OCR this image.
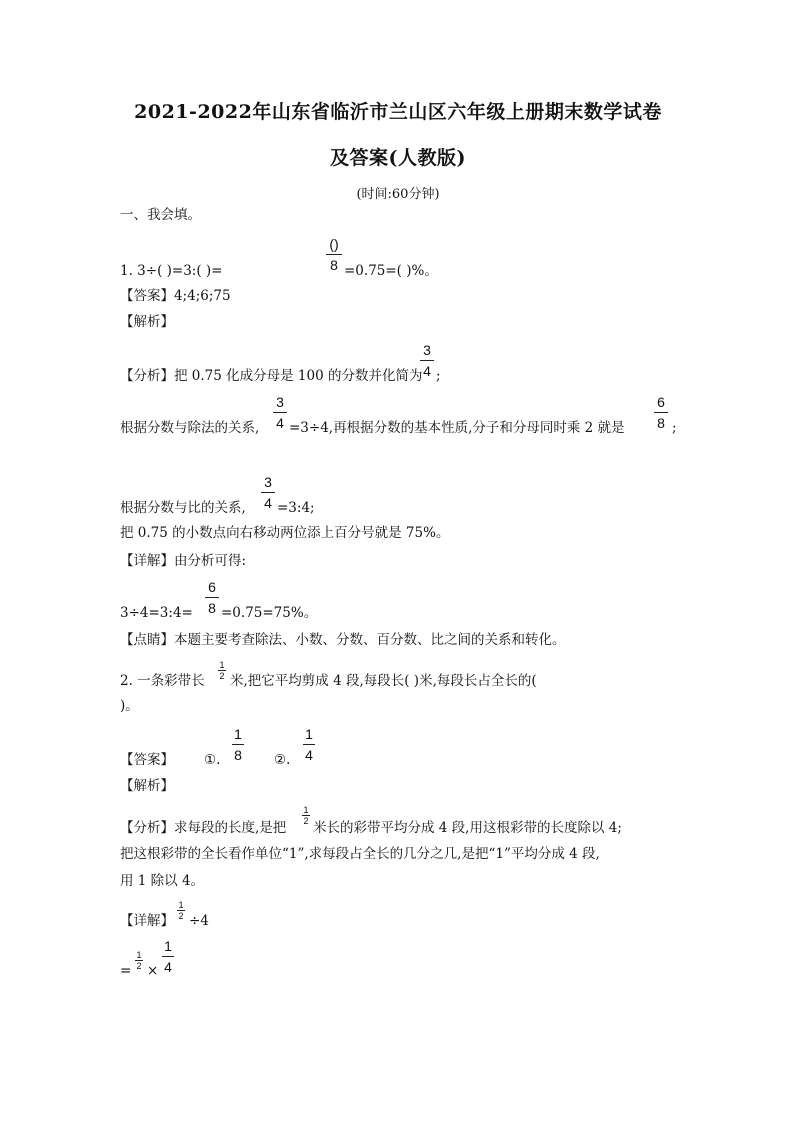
2021-2022年山东省临沂市兰山区六年级上册期末数学试卷
及答案(人教版)
(时间:60分钟)
一、我会填。
1. 3÷( )=3:( )=
()
8 =0.75=( )%。
【答案】4;4;6;75
【解析】
【分析】把 0.75 化成分母是 100 的分数并化简为
3
4 ;
根据分数与除法的关系,
3
4 =3÷4,再根据分数的基本性质,分子和分母同时乘 2 就是
6
8 ;
根据分数与比的关系,
3
4 =3:4;
把 0.75 的小数点向右移动两位添上百分号就是 75%。
【详解】由分析可得:
3÷4=3:4=
6
8 =0.75=75%。
【点睛】本题主要考查除法、小数、分数、百分数、比之间的关系和转化。
2. 一条彩带长
1
2 米,把它平均剪成 4 段,每段长( )米,每段长占全长的(
)。
【答案】 ①.
1
8 ②.
1
4
【解析】
【分析】求每段的长度,是把
1
2 米长的彩带平均分成 4 段,用这根彩带的长度除以 4;
把这根彩带的全长看作单位“1”,求每段占全长的几分之几,是把“1”平均分成 4 段,
用 1 除以 4。
【详解】
1
2 ÷4
=
1
2 ×
1
4
